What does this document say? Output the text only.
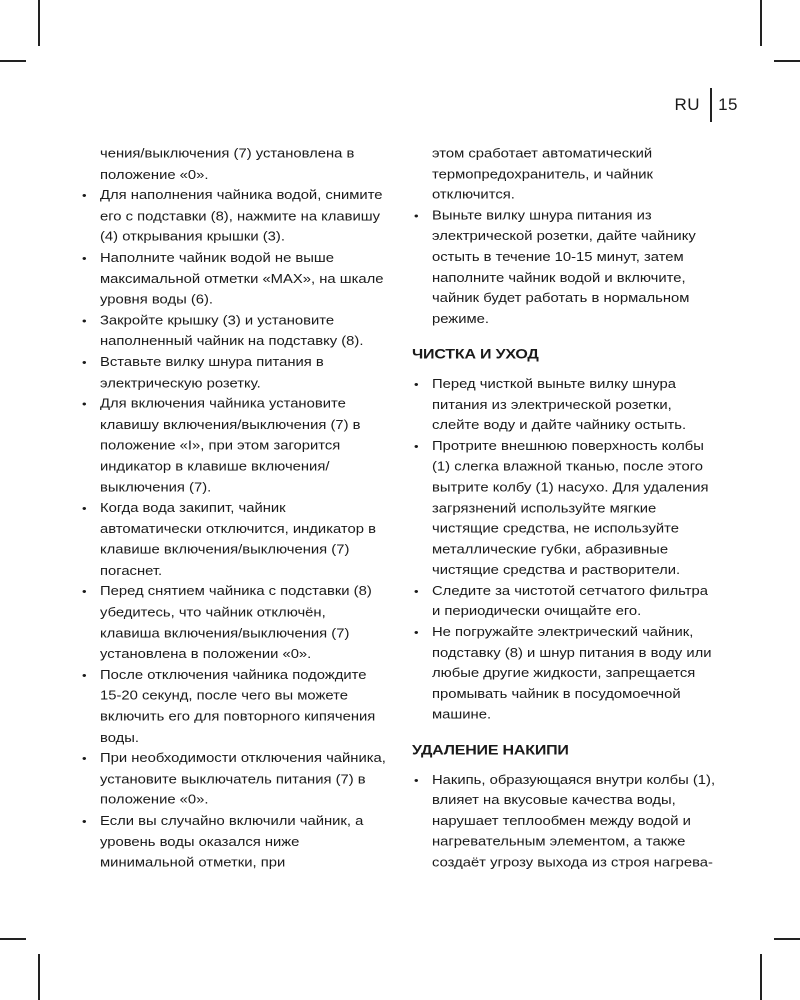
RU	15

чения/выключения (7) установлена в положение «0».

• Для наполнения чайника водой, снимите его с подставки (8), нажмите на клавишу (4) открывания крышки (3).
• Наполните чайник водой не выше максимальной отметки «MAX», на шкале уровня воды (6).
• Закройте крышку (3) и установите наполненный чайник на подставку (8).
• Вставьте вилку шнура питания в электрическую розетку.
• Для включения чайника установите клавишу включения/выключения (7) в положение «I», при этом загорится индикатор в клавише включения/выключения (7).
• Когда вода закипит, чайник автоматически отключится, индикатор в клавише включения/выключения (7) погаснет.
• Перед снятием чайника с подставки (8) убедитесь, что чайник отключён, клавиша включения/выключения (7) установлена в положении «0».
• После отключения чайника подождите 15-20 секунд, после чего вы можете включить его для повторного кипячения воды.
• При необходимости отключения чайника, установите выключатель питания (7) в положение «0».
• Если вы случайно включили чайник, а уровень воды оказался ниже минимальной отметки, при

этом сработает автоматический термопредохранитель, и чайник отключится.

• Выньте вилку шнура питания из электрической розетки, дайте чайнику остыть в течение 10-15 минут, затем наполните чайник водой и включите, чайник будет работать в нормальном режиме.
ЧИСТКА И УХОД
• Перед чисткой выньте вилку шнура питания из электрической розетки, слейте воду и дайте чайнику остыть.
• Протрите внешнюю поверхность колбы (1) слегка влажной тканью, после этого вытрите колбу (1) насухо. Для удаления загрязнений используйте мягкие чистящие средства, не используйте металлические губки, абразивные чистящие средства и растворители.
• Следите за чистотой сетчатого фильтра и периодически очищайте его.
• Не погружайте электрический чайник, подставку (8) и шнур питания в воду или любые другие жидкости, запрещается промывать чайник в посудомоечной машине.
УДАЛЕНИЕ НАКИПИ
• Накипь, образующаяся внутри колбы (1), влияет на вкусовые качества воды, нарушает теплообмен между водой и нагревательным элементом, а также создаёт угрозу выхода из строя нагрева-
